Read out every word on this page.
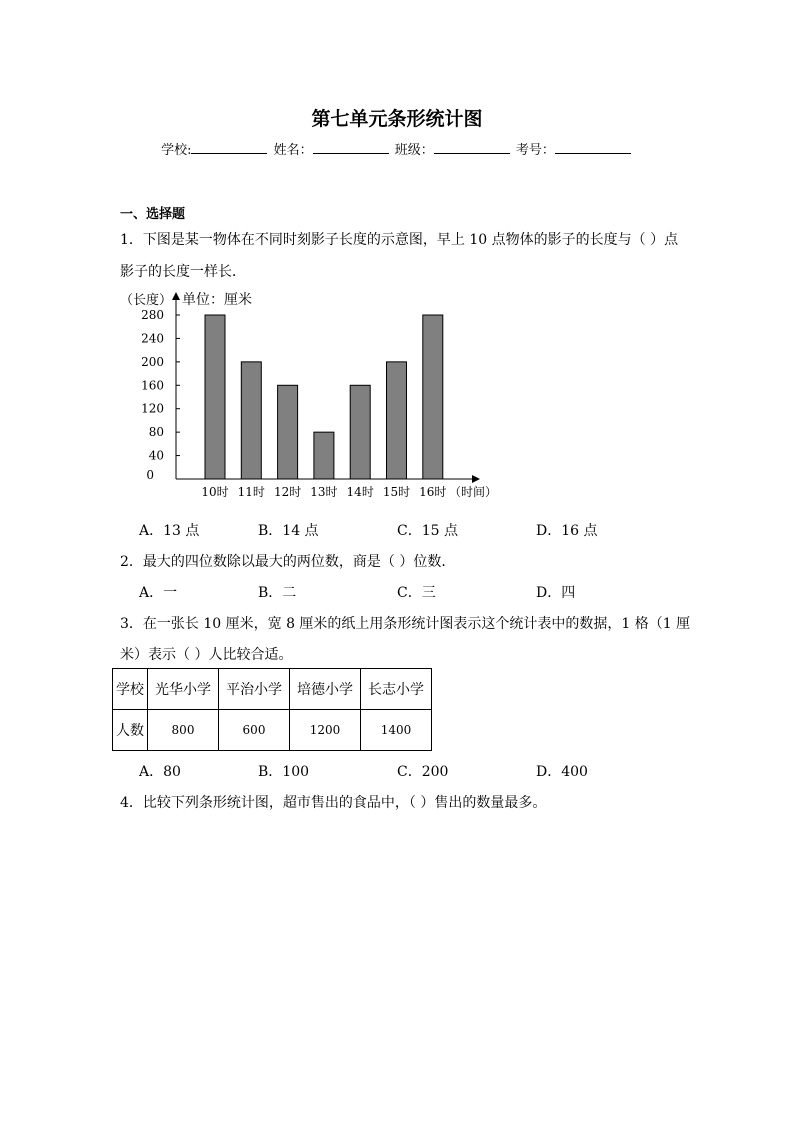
第七单元条形统计图
学校:	姓名：	班级：	考号：
一、选择题
1．下图是某一物体在不同时刻影子长度的示意图，早上 10 点物体的影子的长度与（ ）点
影子的长度一样长．
（长度） 单位：厘米
0
40
80
120
160
200
240
280
10时 11时 12时 13时 14时 15时 16时 （时间）
A．13 点	B．14 点	C．15 点	D．16 点
2．最大的四位数除以最大的两位数，商是（ ）位数．
A．一	B．二	C．三	D．四
3．在一张长 10 厘米，宽 8 厘米的纸上用条形统计图表示这个统计表中的数据，1 格（1 厘
米）表示（ ）人比较合适。
学校	光华小学	平治小学	培德小学	长志小学
人数	800	600	1200	1400
A．80	B．100	C．200	D．400
4．比较下列条形统计图，超市售出的食品中，（ ）售出的数量最多。
